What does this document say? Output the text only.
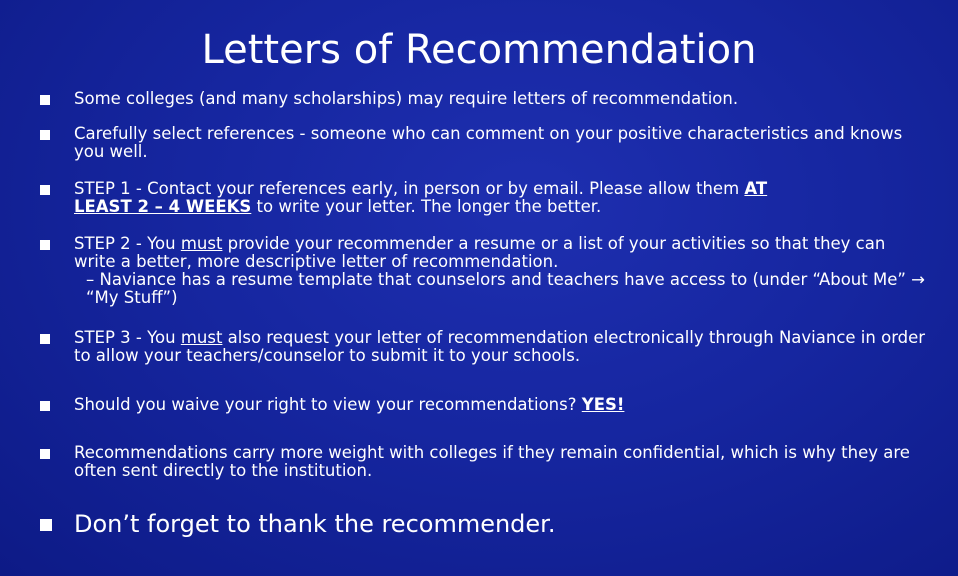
Letters of Recommendation
Some colleges (and many scholarships) may require letters of recommendation.
Carefully select references - someone who can comment on your positive characteristics and knows you well.
STEP 1 - Contact your references early, in person or by email. Please allow them AT
LEAST 2 – 4 WEEKS to write your letter. The longer the better.
STEP 2 - You must provide your recommender a resume or a list of your activities so that they can write a better, more descriptive letter of recommendation.
– Naviance has a resume template that counselors and teachers have access to (under “About Me” → “My Stuff”)
STEP 3 - You must also request your letter of recommendation electronically through Naviance in order to allow your teachers/counselor to submit it to your schools.
Should you waive your right to view your recommendations? YES!
Recommendations carry more weight with colleges if they remain confidential, which is why they are often sent directly to the institution.
Don’t forget to thank the recommender.
